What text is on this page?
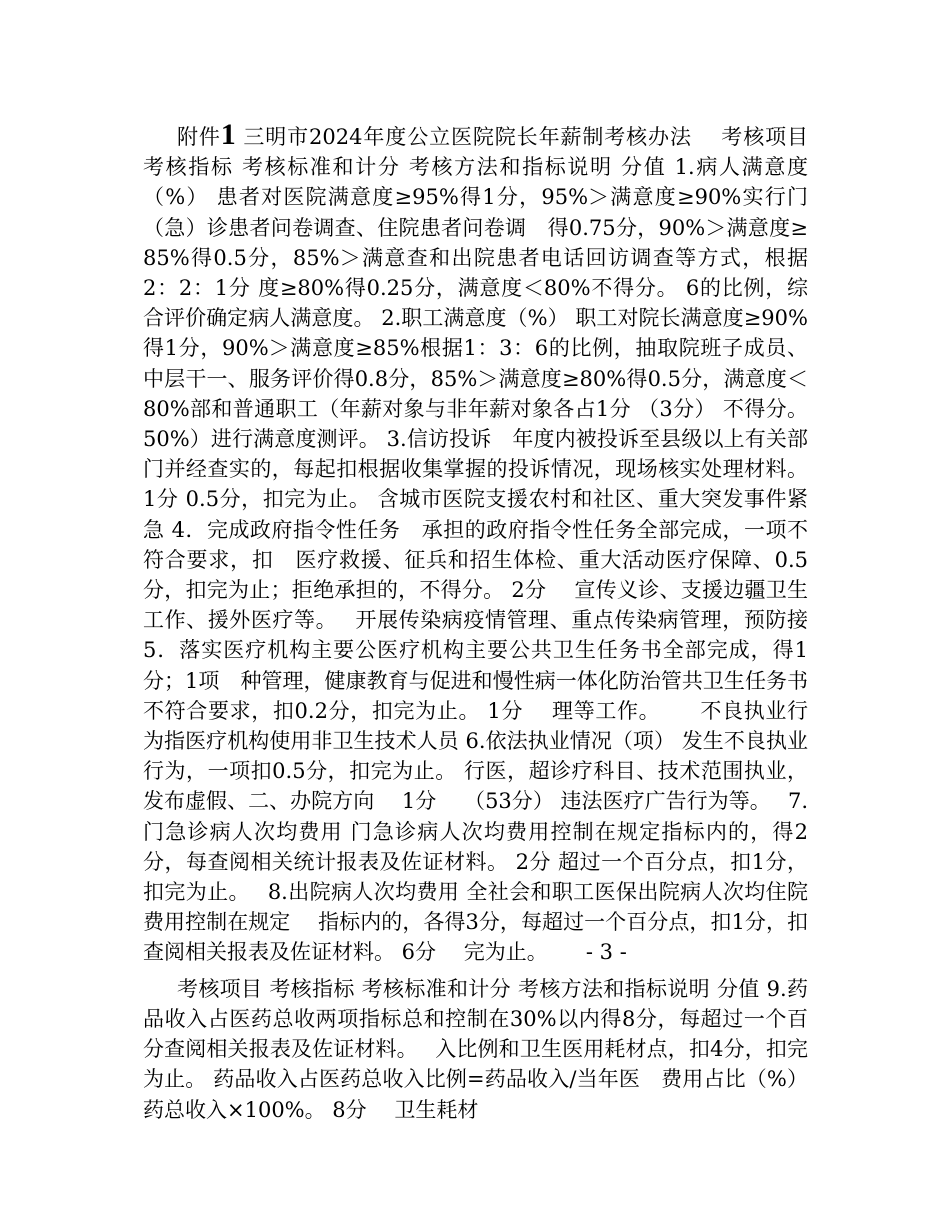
附件1 三明市2024年度公立医院院长年薪制考核办法　 考核项目 考核指标 考核标准和计分 考核方法和指标说明 分值 1.病人满意度（%） 患者对医院满意度≥95%得1分，95%＞满意度≥90%实行门（急）诊患者问卷调查、住院患者问卷调　得0.75分，90%＞满意度≥85%得0.5分，85%＞满意查和出院患者电话回访调查等方式，根据2：2：1分 度≥80%得0.25分，满意度＜80%不得分。 6的比例，综合评价确定病人满意度。 2.职工满意度（%） 职工对院长满意度≥90%得1分，90%＞满意度≥85%根据1：3：6的比例，抽取院班子成员、中层干一、服务评价得0.8分，85%＞满意度≥80%得0.5分，满意度＜80%部和普通职工（年薪对象与非年薪对象各占1分 （3分） 不得分。 50%）进行满意度测评。 3.信访投诉　年度内被投诉至县级以上有关部门并经查实的，每起扣根据收集掌握的投诉情况，现场核实处理材料。 1分 0.5分，扣完为止。 含城市医院支援农村和社区、重大突发事件紧急 4．完成政府指令性任务　承担的政府指令性任务全部完成，一项不符合要求，扣　医疗救援、征兵和招生体检、重大活动医疗保障、0.5分，扣完为止；拒绝承担的，不得分。 2分　 宣传义诊、支援边疆卫生工作、援外医疗等。　 开展传染病疫情管理、重点传染病管理，预防接 5．落实医疗机构主要公医疗机构主要公共卫生任务书全部完成，得1分；1项　种管理，健康教育与促进和慢性病一体化防治管共卫生任务书 不符合要求，扣0.2分，扣完为止。 1分　 理等工作。　　 不良执业行为指医疗机构使用非卫生技术人员 6.依法执业情况（项） 发生不良执业行为，一项扣0.5分，扣完为止。 行医，超诊疗科目、技术范围执业，发布虚假、二、办院方向　 1分　 （53分） 违法医疗广告行为等。　 7.门急诊病人次均费用 门急诊病人次均费用控制在规定指标内的，得2分，每查阅相关统计报表及佐证材料。 2分 超过一个百分点，扣1分，扣完为止。　 8.出院病人次均费用 全社会和职工医保出院病人次均住院费用控制在规定　 指标内的，各得3分，每超过一个百分点，扣1分，扣查阅相关报表及佐证材料。 6分　 完为止。　　 - 3 -

考核项目 考核指标 考核标准和计分 考核方法和指标说明 分值 9.药品收入占医药总收两项指标总和控制在30%以内得8分，每超过一个百分查阅相关报表及佐证材料。　 入比例和卫生医用耗材点，扣4分，扣完为止。 药品收入占医药总收入比例=药品收入/当年医　费用占比（%） 药总收入×100%。 8分　 卫生耗材
